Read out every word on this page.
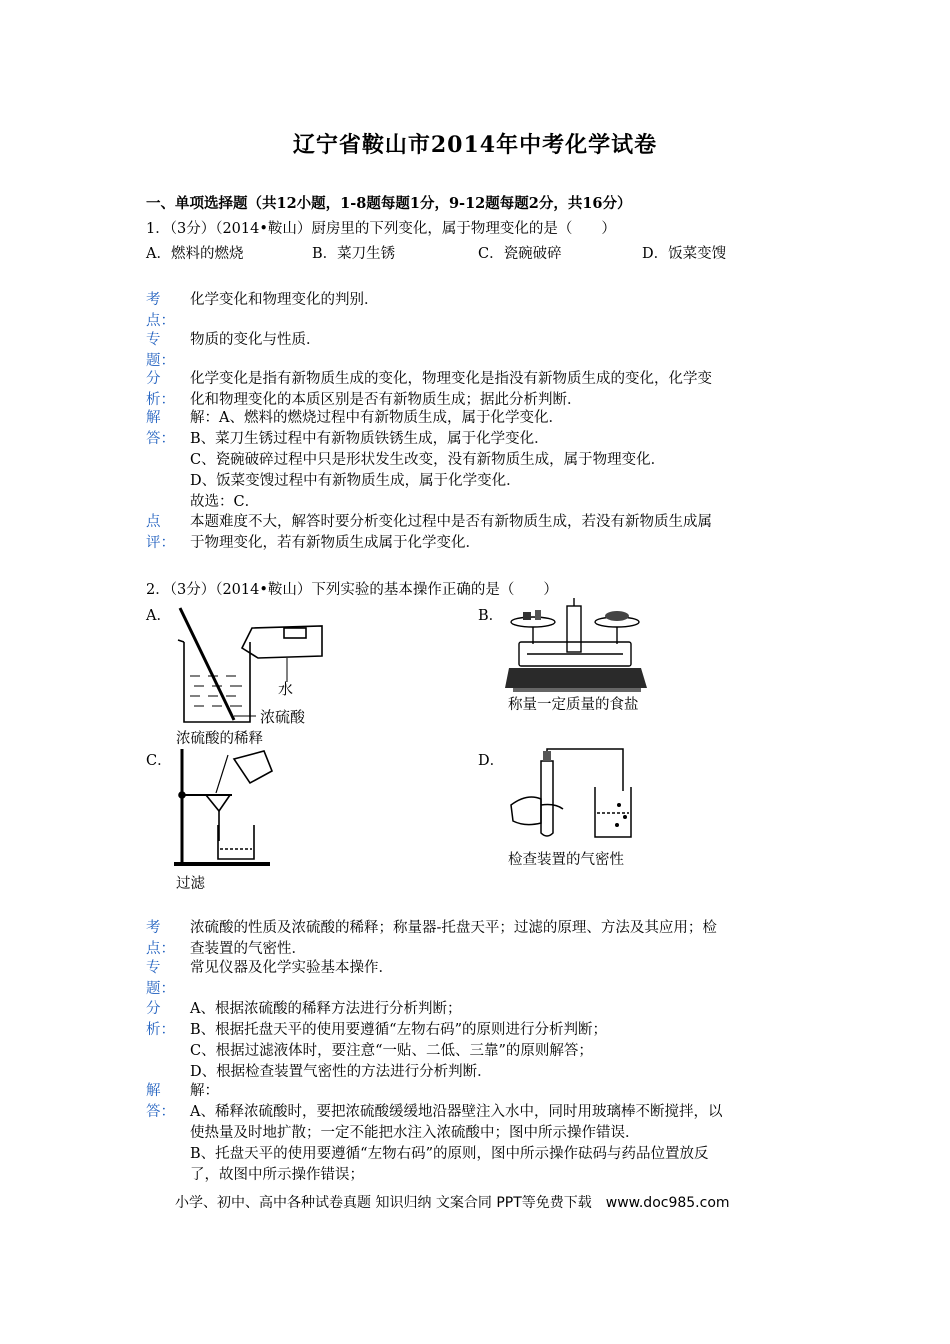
辽宁省鞍山市2014年中考化学试卷
一、单项选择题（共12小题，1-8题每题1分，9-12题每题2分，共16分）
1．（3分）（2014•鞍山）厨房里的下列变化，属于物理变化的是（　　）
A．燃料的燃烧	B．菜刀生锈	C．瓷碗破碎	D．饭菜变馊
考
点：
化学变化和物理变化的判别．
专
题：
物质的变化与性质．
分
析：
化学变化是指有新物质生成的变化，物理变化是指没有新物质生成的变化，化学变
化和物理变化的本质区别是否有新物质生成；据此分析判断．
解
答：
解：A、燃料的燃烧过程中有新物质生成，属于化学变化．
B、菜刀生锈过程中有新物质铁锈生成，属于化学变化．
C、瓷碗破碎过程中只是形状发生改变，没有新物质生成，属于物理变化．
D、饭菜变馊过程中有新物质生成，属于化学变化．
故选：C．
点
评：
本题难度不大，解答时要分析变化过程中是否有新物质生成，若没有新物质生成属
于物理变化，若有新物质生成属于化学变化．
2．（3分）（2014•鞍山）下列实验的基本操作正确的是（　　）
A．	B．
C．	D．
水
浓硫酸
浓硫酸的稀释
称量一定质量的食盐
过滤
检查装置的气密性
考
点：
浓硫酸的性质及浓硫酸的稀释；称量器-托盘天平；过滤的原理、方法及其应用；检
查装置的气密性．
专
题：
常见仪器及化学实验基本操作．
分
析：
A、根据浓硫酸的稀释方法进行分析判断；
B、根据托盘天平的使用要遵循“左物右码”的原则进行分析判断；
C、根据过滤液体时，要注意“一贴、二低、三靠”的原则解答；
D、根据检查装置气密性的方法进行分析判断．
解
答：
解：
A、稀释浓硫酸时，要把浓硫酸缓缓地沿器壁注入水中，同时用玻璃棒不断搅拌，以
使热量及时地扩散；一定不能把水注入浓硫酸中；图中所示操作错误．
B、托盘天平的使用要遵循“左物右码”的原则，图中所示操作砝码与药品位置放反
了，故图中所示操作错误；
小学、初中、高中各种试卷真题 知识归纳 文案合同 PPT等免费下载　www.doc985.com
